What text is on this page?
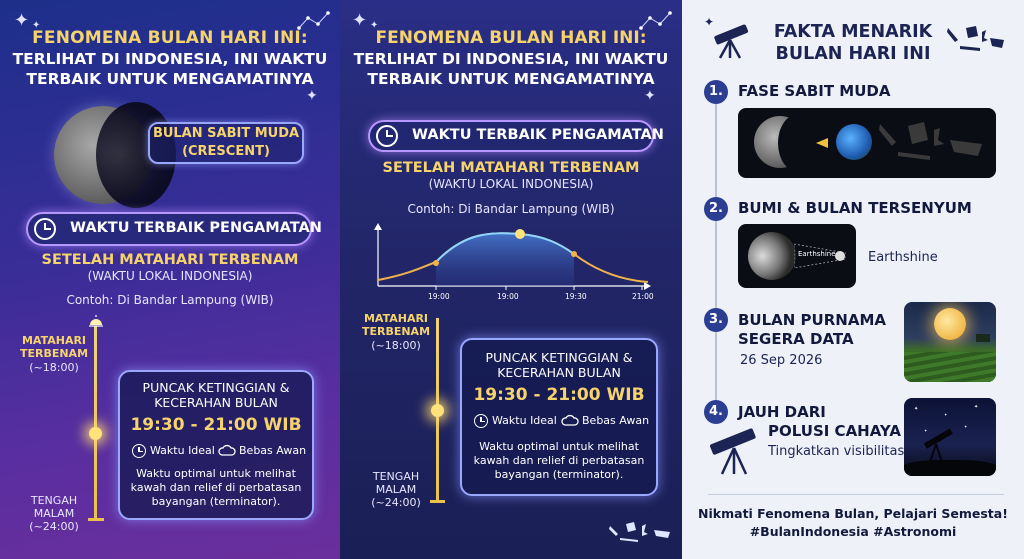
✦ ✦
✦
FENOMENA BULAN HARI INI:
TERLIHAT DI INDONESIA, INI WAKTU
TERBAIK UNTUK MENGAMATINYA
BULAN SABIT MUDA
(CRESCENT)
WAKTU TERBAIK PENGAMATAN
SETELAH MATAHARI TERBENAM
(WAKTU LOKAL INDONESIA)
Contoh: Di Bandar Lampung (WIB)
MATAHARI
TERBENAM
(~18:00)
TENGAH
MALAM
(~24:00)
PUNCAK KETINGGIAN &
KECERAHAN BULAN
19:30 - 21:00 WIB
Waktu Ideal Bebas Awan
Waktu optimal untuk melihat
kawah dan relief di perbatasan
bayangan (terminator).
✦ ✦
✦
FENOMENA BULAN HARI INI:
TERLIHAT DI INDONESIA, INI WAKTU
TERBAIK UNTUK MENGAMATINYA
WAKTU TERBAIK PENGAMATAN
SETELAH MATAHARI TERBENAM
(WAKTU LOKAL INDONESIA)
Contoh: Di Bandar Lampung (WIB)
19:00	19:00	19:30	21:00
MATAHARI
TERBENAM
(~18:00)
TENGAH
MALAM
(~24:00)
PUNCAK KETINGGIAN &
KECERAHAN BULAN
19:30 - 21:00 WIB
Waktu Ideal Bebas Awan
Waktu optimal untuk melihat
kawah dan relief di perbatasan
bayangan (terminator).
✦	FAKTA MENARIK
BULAN HARI INI
1.	FASE SABIT MUDA
2.	BUMI & BULAN TERSENYUM
Earthshine Earthshine
3.	BULAN PURNAMA
SEGERA DATA
26 Sep 2026
4.	JAUH DARI
POLUSI CAHAYA
Tingkatkan visibilitas
✦
✦
✦
✦
✦
Nikmati Fenomena Bulan, Pelajari Semesta!
#BulanIndonesia #Astronomi
